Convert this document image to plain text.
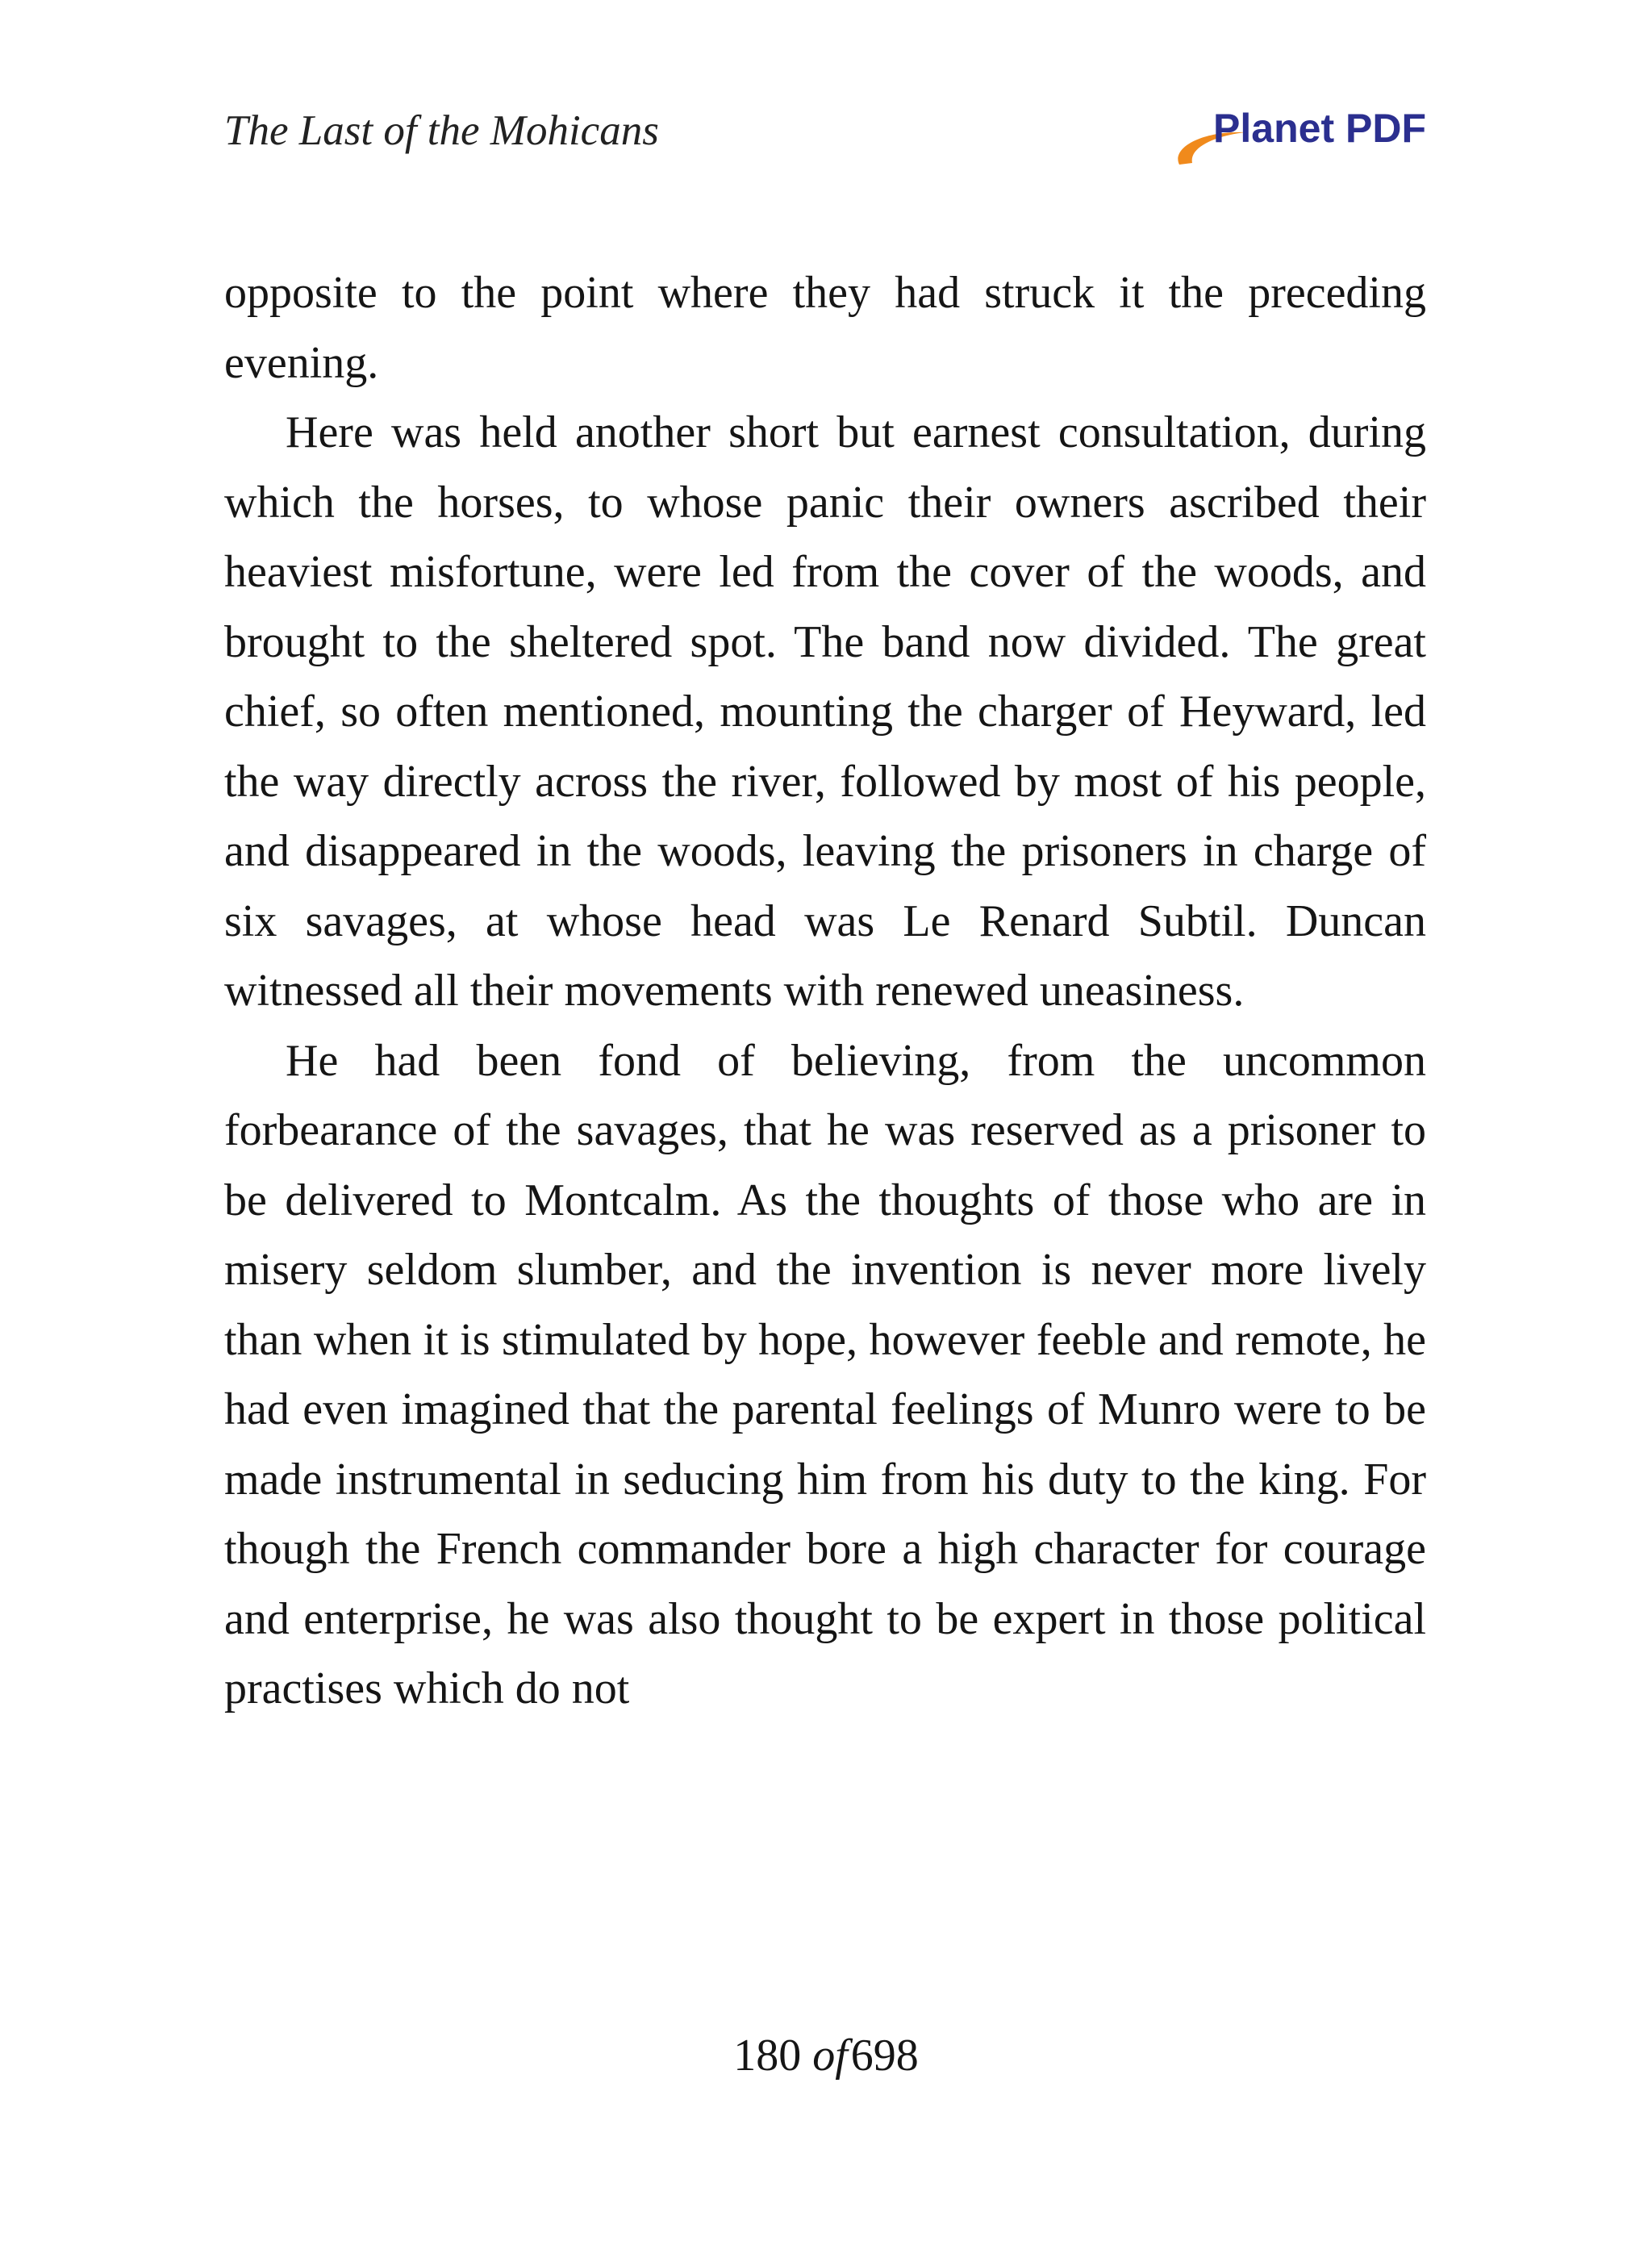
The Last of the Mohicans	Planet PDF

opposite to the point where they had struck it the preceding evening.

Here was held another short but earnest consultation, during which the horses, to whose panic their owners ascribed their heaviest misfortune, were led from the cover of the woods, and brought to the sheltered spot. The band now divided. The great chief, so often mentioned, mounting the charger of Heyward, led the way directly across the river, followed by most of his people, and disappeared in the woods, leaving the prisoners in charge of six savages, at whose head was Le Renard Subtil. Duncan witnessed all their movements with renewed uneasiness.

He had been fond of believing, from the uncommon forbearance of the savages, that he was reserved as a prisoner to be delivered to Montcalm. As the thoughts of those who are in misery seldom slumber, and the invention is never more lively than when it is stimulated by hope, however feeble and remote, he had even imagined that the parental feelings of Munro were to be made instrumental in seducing him from his duty to the king. For though the French commander bore a high character for courage and enterprise, he was also thought to be expert in those political practises which do not

180 of698
